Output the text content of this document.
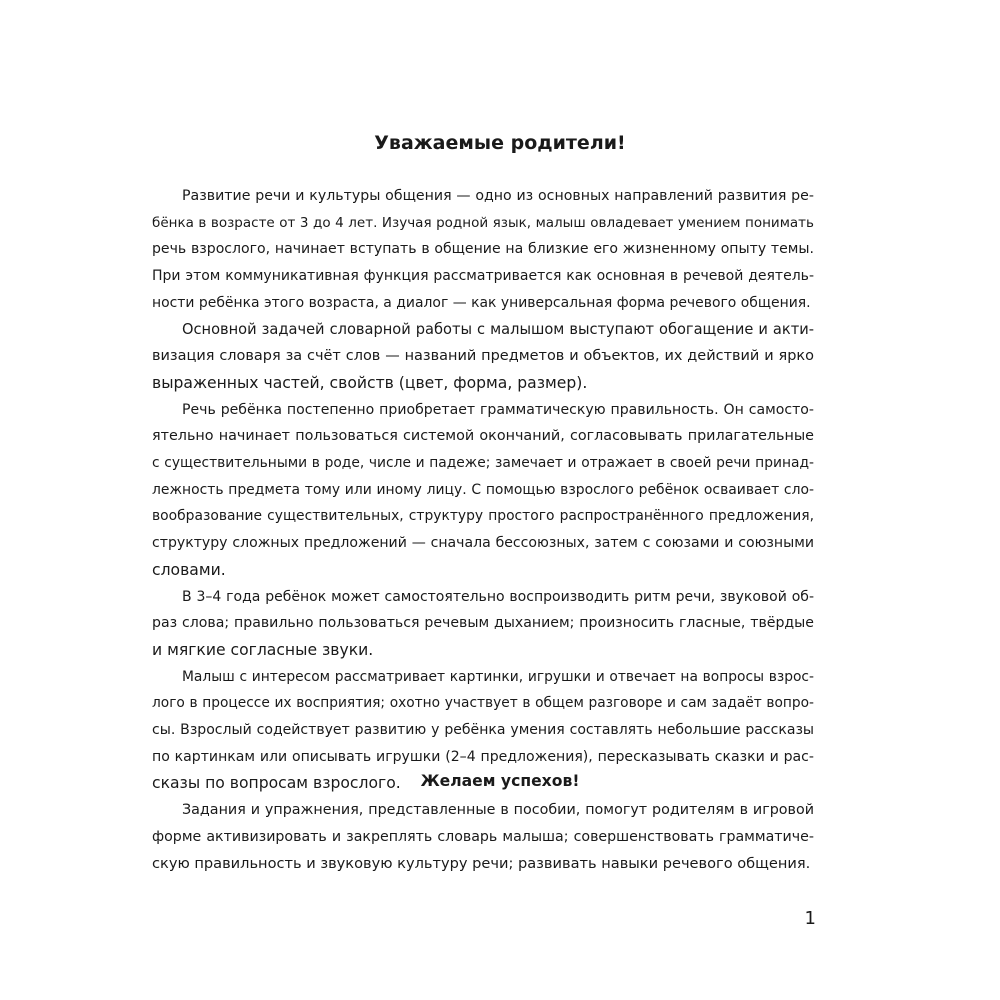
Уважаемые родители!
Развитие речи и культуры общения — одно из основных направлений развития ре-
бёнка в возрасте от 3 до 4 лет. Изучая родной язык, малыш овладевает умением понимать
речь взрослого, начинает вступать в общение на близкие его жизненному опыту темы.
При этом коммуникативная функция рассматривается как основная в речевой деятель-
ности ребёнка этого возраста, а диалог — как универсальная форма речевого общения.
Основной задачей словарной работы с малышом выступают обогащение и акти-
визация словаря за счёт слов — названий предметов и объектов, их действий и ярко
выраженных частей, свойств (цвет, форма, размер).
Речь ребёнка постепенно приобретает грамматическую правильность. Он самосто-
ятельно начинает пользоваться системой окончаний, согласовывать прилагательные
с существительными в роде, числе и падеже; замечает и отражает в своей речи принад-
лежность предмета тому или иному лицу. С помощью взрослого ребёнок осваивает сло-
вообразование существительных, структуру простого распространённого предложения,
структуру сложных предложений — сначала бессоюзных, затем с союзами и союзными
словами.
В 3–4 года ребёнок может самостоятельно воспроизводить ритм речи, звуковой об-
раз слова; правильно пользоваться речевым дыханием; произносить гласные, твёрдые
и мягкие согласные звуки.
Малыш с интересом рассматривает картинки, игрушки и отвечает на вопросы взрос-
лого в процессе их восприятия; охотно участвует в общем разговоре и сам задаёт вопро-
сы. Взрослый содействует развитию у ребёнка умения составлять небольшие рассказы
по картинкам или описывать игрушки (2–4 предложения), пересказывать сказки и рас-
сказы по вопросам взрослого.
Задания и упражнения, представленные в пособии, помогут родителям в игровой
форме активизировать и закреплять словарь малыша; совершенствовать грамматиче-
скую правильность и звуковую культуру речи; развивать навыки речевого общения.

Желаем успехов!

1
